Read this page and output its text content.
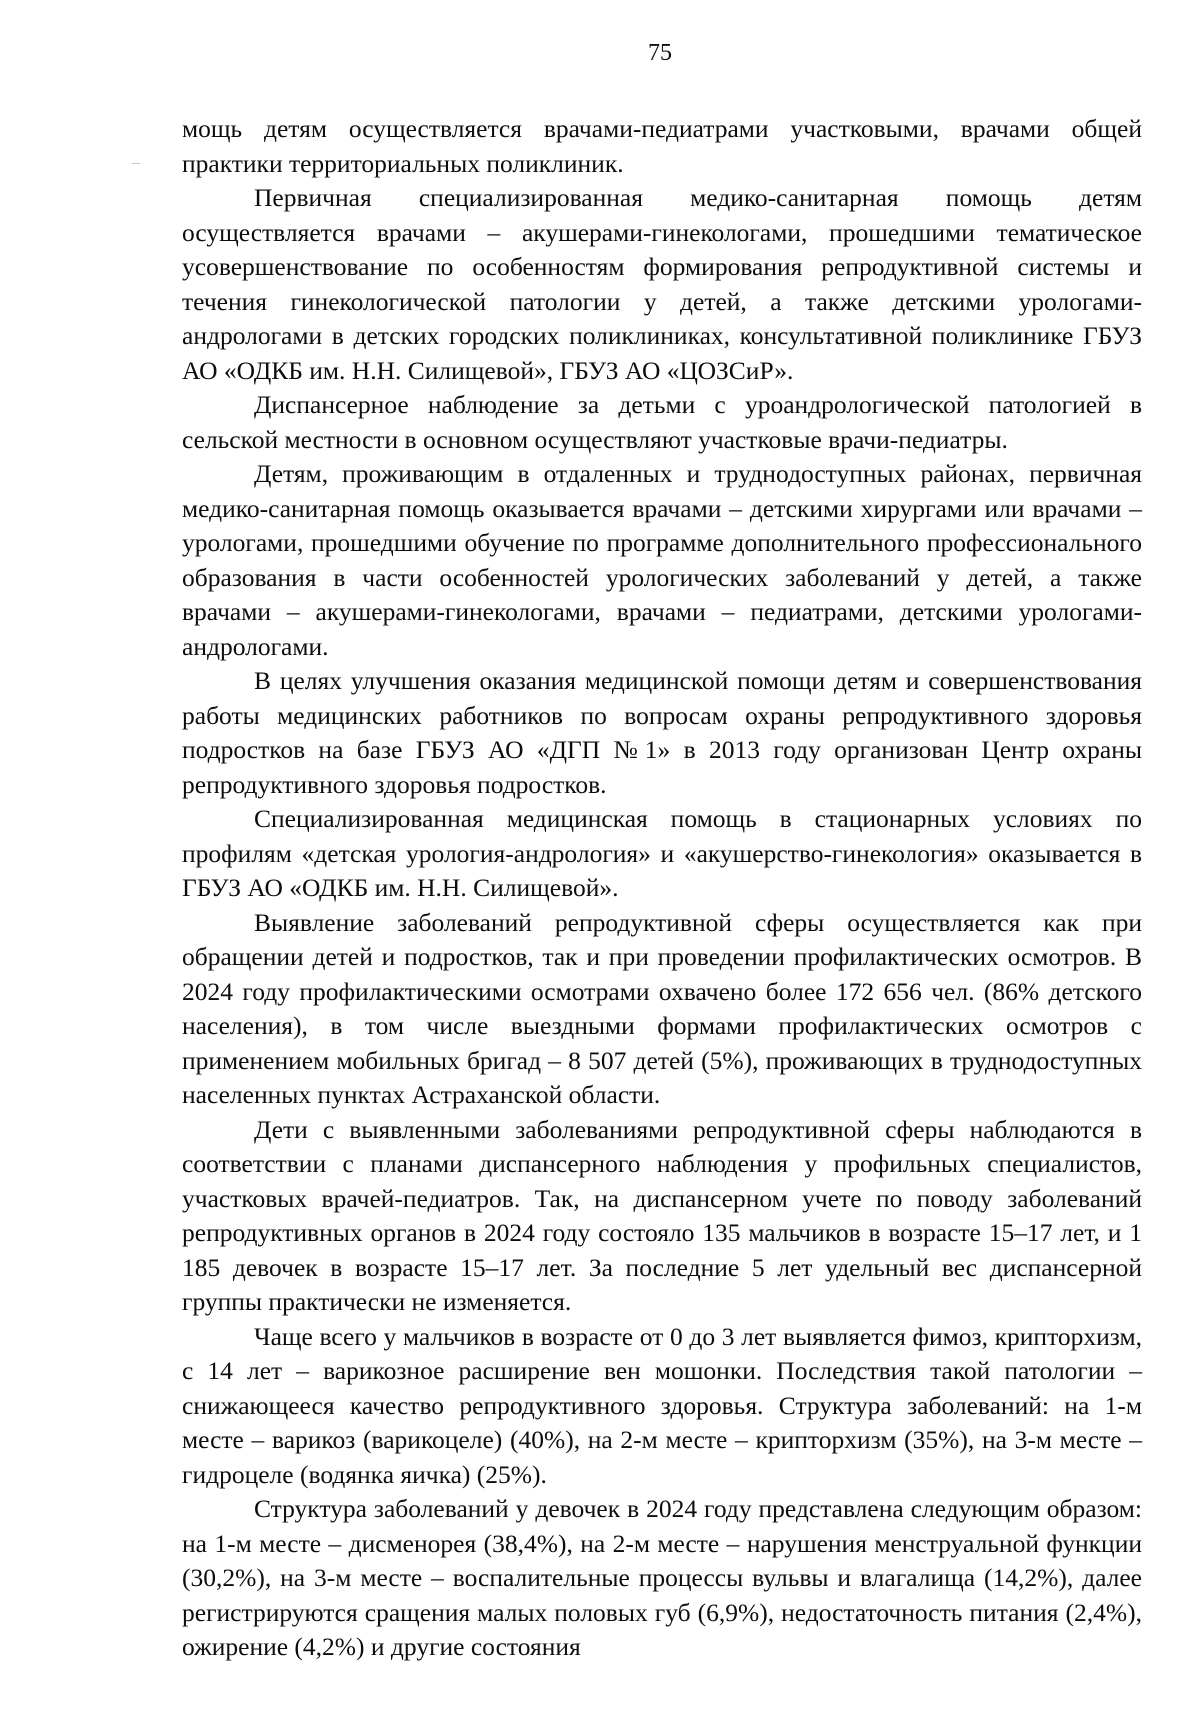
75

мощь детям осуществляется врачами-педиатрами участковыми, врачами общей практики территориальных поликлиник.

Первичная специализированная медико-санитарная помощь детям осуществляется врачами – акушерами-гинекологами, прошедшими тематическое усовершенствование по особенностям формирования репродуктивной системы и течения гинекологической патологии у детей, а также детскими урологами-андрологами в детских городских поликлиниках, консультативной поликлинике ГБУЗ АО «ОДКБ им. Н.Н. Силищевой», ГБУЗ АО «ЦОЗСиР».

Диспансерное наблюдение за детьми с уроандрологической патологией в сельской местности в основном осуществляют участковые врачи-педиатры.

Детям, проживающим в отдаленных и труднодоступных районах, первичная медико-санитарная помощь оказывается врачами – детскими хирургами или врачами – урологами, прошедшими обучение по программе дополнительного профессионального образования в части особенностей урологических заболеваний у детей, а также врачами – акушерами-гинекологами, врачами – педиатрами, детскими урологами-андрологами.

В целях улучшения оказания медицинской помощи детям и совершенствования работы медицинских работников по вопросам охраны репродуктивного здоровья подростков на базе ГБУЗ АО «ДГП №1» в 2013 году организован Центр охраны репродуктивного здоровья подростков.

Специализированная медицинская помощь в стационарных условиях по профилям «детская урология-андрология» и «акушерство-гинекология» оказывается в ГБУЗ АО «ОДКБ им. Н.Н. Силищевой».

Выявление заболеваний репродуктивной сферы осуществляется как при обращении детей и подростков, так и при проведении профилактических осмотров. В 2024 году профилактическими осмотрами охвачено более 172 656 чел. (86% детского населения), в том числе выездными формами профилактических осмотров с применением мобильных бригад – 8 507 детей (5%), проживающих в труднодоступных населенных пунктах Астраханской области.

Дети с выявленными заболеваниями репродуктивной сферы наблюдаются в соответствии с планами диспансерного наблюдения у профильных специалистов, участковых врачей-педиатров. Так, на диспансерном учете по поводу заболеваний репродуктивных органов в 2024 году состояло 135 мальчиков в возрасте 15–17 лет, и 1 185 девочек в возрасте 15–17 лет. За последние 5 лет удельный вес диспансерной группы практически не изменяется.

Чаще всего у мальчиков в возрасте от 0 до 3 лет выявляется фимоз, крипторхизм, с 14 лет – варикозное расширение вен мошонки. Последствия такой патологии – снижающееся качество репродуктивного здоровья. Структура заболеваний: на 1-м месте – варикоз (варикоцеле) (40%), на 2-м месте – крипторхизм (35%), на 3-м месте – гидроцеле (водянка яичка) (25%).

Структура заболеваний у девочек в 2024 году представлена следующим образом: на 1-м месте – дисменорея (38,4%), на 2-м месте – нарушения менструальной функции (30,2%), на 3-м месте – воспалительные процессы вульвы и влагалища (14,2%), далее регистрируются сращения малых половых губ (6,9%), недостаточность питания (2,4%), ожирение (4,2%) и другие состояния
